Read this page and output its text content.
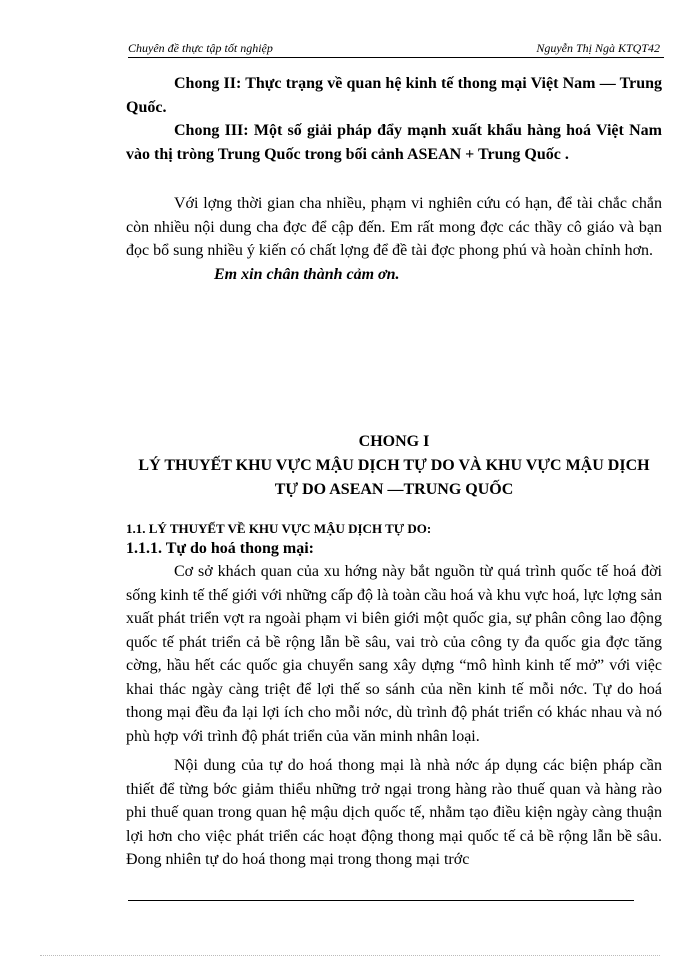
Chuyên đề thực tập tốt nghiệp	Nguyễn Thị Ngà KTQT42

Chong II: Thực trạng về quan hệ kinh tế thong mại Việt Nam — Trung Quốc.

Chong III: Một số giải pháp đẩy mạnh xuất khẩu hàng hoá Việt Nam vào thị tròng Trung Quốc trong bối cảnh ASEAN + Trung Quốc .

Với lợng thời gian cha nhiều, phạm vi nghiên cứu có hạn, để tài chắc chắn còn nhiều nội dung cha đợc để cập đến. Em rất mong đợc các thầy cô giáo và bạn đọc bổ sung nhiều ý kiến có chất lợng để đề tài đợc phong phú và hoàn chỉnh hơn.

Em xin chân thành cảm ơn.

CHONG I

LÝ THUYẾT KHU VỰC MẬU DỊCH TỰ DO VÀ KHU VỰC MẬU DỊCH

TỰ DO ASEAN —TRUNG QUỐC

1.1. LÝ THUYẾT VỀ KHU VỰC MẬU DỊCH TỰ DO:

1.1.1. Tự do hoá thong mại:

Cơ sở khách quan của xu hớng này bắt nguồn từ quá trình quốc tế hoá đời sống kinh tế thế giới với những cấp độ là toàn cầu hoá và khu vực hoá, lực lợng sản xuất phát triển vợt ra ngoài phạm vi biên giới một quốc gia, sự phân công lao động quốc tế phát triển cả bề rộng lẫn bề sâu, vai trò của công ty đa quốc gia đợc tăng cờng, hầu hết các quốc gia chuyển sang xây dựng “mô hình kinh tế mở” với việc khai thác ngày càng triệt để lợi thế so sánh của nền kinh tế mỗi nớc. Tự do hoá thong mại đều đa lại lợi ích cho mỗi nớc, dù trình độ phát triển có khác nhau và nó phù hợp với trình độ phát triển của văn minh nhân loại.

Nội dung của tự do hoá thong mại là nhà nớc áp dụng các biện pháp cần thiết để từng bớc giảm thiểu những trở ngại trong hàng rào thuế quan và hàng rào phi thuế quan trong quan hệ mậu dịch quốc tế, nhằm tạo điều kiện ngày càng thuận lợi hơn cho việc phát triển các hoạt động thong mại quốc tế cả bề rộng lẫn bề sâu. Đong nhiên tự do hoá thong mại trong thong mại trớc
